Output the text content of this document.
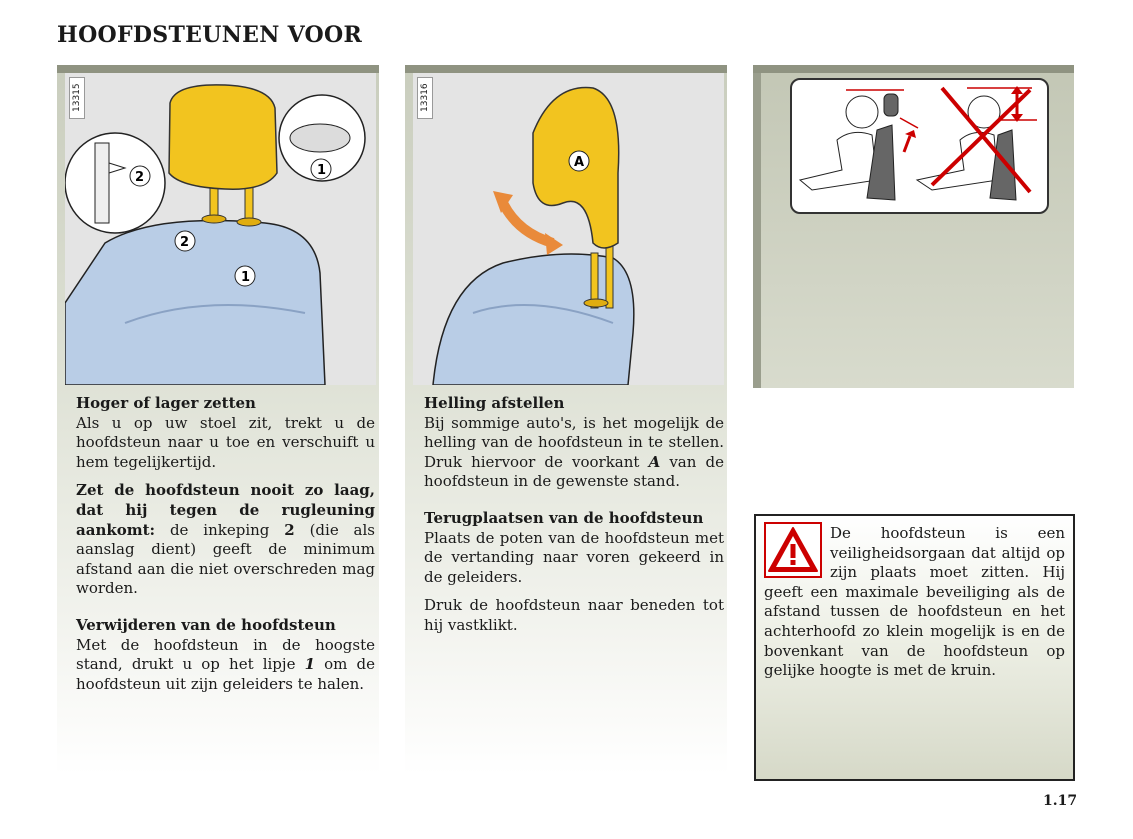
HOOFDSTEUNEN VOOR
2	1
2
1
13315
Hoger of lager zetten

Als u op uw stoel zit, trekt u de hoofdsteun naar u toe en verschuift u hem tegelijkertijd.

Zet de hoofdsteun nooit zo laag, dat hij tegen de rugleuning aankomt: de inkeping 2 (die als aanslag dient) geeft de minimum afstand aan die niet overschreden mag worden.

Verwijderen van de hoofdsteun

Met de hoofdsteun in de hoogste stand, drukt u op het lipje 1 om de hoofdsteun uit zijn geleiders te halen.

A
13316
Helling afstellen

Bij sommige auto's, is het mogelijk de helling van de hoofdsteun in te stellen. Druk hiervoor de voorkant A van de hoofdsteun in de gewenste stand.

Terugplaatsen van de hoofdsteun

Plaats de poten van de hoofdsteun met de vertanding naar voren gekeerd in de geleiders.

Druk de hoofdsteun naar beneden tot hij vastklikt.

De hoofdsteun is een veiligheidsorgaan dat altijd op zijn plaats moet zitten. Hij geeft een maximale beveiliging als de afstand tussen de hoofdsteun en het achterhoofd zo klein mogelijk is en de bovenkant van de hoofdsteun op gelijke hoogte is met de kruin.
1.17
